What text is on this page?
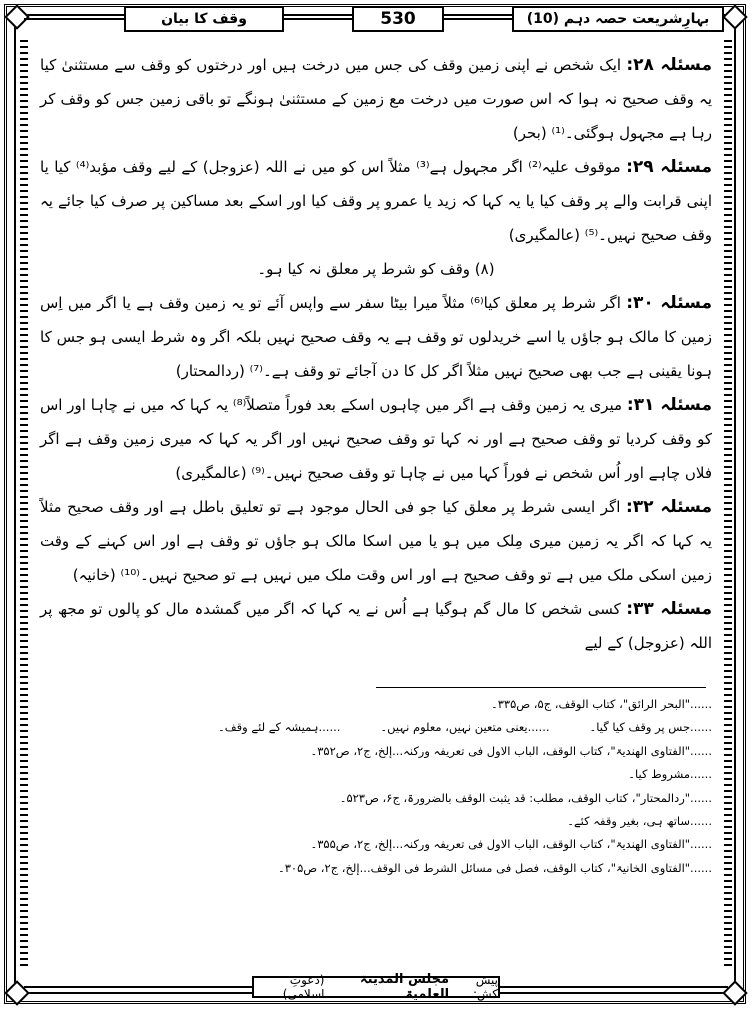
بہارِشریعت حصہ دہم (10)
530
وقف کا بیان

مسئلہ ۲۸: ایک شخص نے اپنی زمین وقف کی جس میں درخت ہیں اور درختوں کو وقف سے مستثنیٰ کیا یہ وقف صحیح نہ ہوا کہ اس صورت میں درخت مع زمین کے مستثنیٰ ہونگے تو باقی زمین جس کو وقف کر رہا ہے مجہول ہوگئی۔⁽¹⁾ (بحر)

مسئلہ ۲۹: موقوف علیہ⁽²⁾ اگر مجہول ہے⁽³⁾ مثلاً اس کو میں نے اللہ (عزوجل) کے لیے وقف مؤبد⁽⁴⁾ کیا یا اپنی قرابت والے پر وقف کیا یا یہ کہا کہ زید یا عمرو پر وقف کیا اور اسکے بعد مساکین پر صرف کیا جائے یہ وقف صحیح نہیں۔⁽⁵⁾ (عالمگیری)

(۸) وقف کو شرط پر معلق نہ کیا ہو۔

مسئلہ ۳۰: اگر شرط پر معلق کیا⁽⁶⁾ مثلاً میرا بیٹا سفر سے واپس آئے تو یہ زمین وقف ہے یا اگر میں اِس زمین کا مالک ہو جاؤں یا اسے خریدلوں تو وقف ہے یہ وقف صحیح نہیں بلکہ اگر وہ شرط ایسی ہو جس کا ہونا یقینی ہے جب بھی صحیح نہیں مثلاً اگر کل کا دن آجائے تو وقف ہے۔⁽⁷⁾ (ردالمحتار)

مسئلہ ۳۱: میری یہ زمین وقف ہے اگر میں چاہوں اسکے بعد فوراً متصلاً⁽⁸⁾ یہ کہا کہ میں نے چاہا اور اس کو وقف کردیا تو وقف صحیح ہے اور نہ کہا تو وقف صحیح نہیں اور اگر یہ کہا کہ میری زمین وقف ہے اگر فلاں چاہے اور اُس شخص نے فوراً کہا میں نے چاہا تو وقف صحیح نہیں۔⁽⁹⁾ (عالمگیری)

مسئلہ ۳۲: اگر ایسی شرط پر معلق کیا جو فی الحال موجود ہے تو تعلیق باطل ہے اور وقف صحیح مثلاً یہ کہا کہ اگر یہ زمین میری مِلک میں ہو یا میں اسکا مالک ہو جاؤں تو وقف ہے اور اس کہنے کے وقت زمین اسکی ملک میں ہے تو وقف صحیح ہے اور اس وقت ملک میں نہیں ہے تو صحیح نہیں۔⁽¹⁰⁾ (خانیہ)

مسئلہ ۳۳: کسی شخص کا مال گم ہوگیا ہے اُس نے یہ کہا کہ اگر میں گمشدہ مال کو پالوں تو مجھ پر اللہ (عزوجل) کے لیے

......"البحر الرائق"، کتاب الوقف، ج۵، ص۳۳۵۔
......جس پر وقف کیا گیا۔
......یعنی متعین نہیں، معلوم نہیں۔
......ہمیشہ کے لئے وقف۔
......"الفتاوی الھندیۃ"، کتاب الوقف، الباب الاول فی تعریفہ ورکنہ...إلخ، ج۲، ص۳۵۲۔
......مشروط کیا۔
......"ردالمحتار"، کتاب الوقف، مطلب: قد یثبت الوقف بالضرورۃ، ج۶، ص۵۲۳۔
......ساتھ ہی، بغیر وقفہ کئے۔
......"الفتاوی الھندیۃ"، کتاب الوقف، الباب الاول فی تعریفہ ورکنہ...إلخ، ج۲، ص۳۵۵۔
......"الفتاوی الخانیۃ"، کتاب الوقف، فصل فی مسائل الشرط فی الوقف...إلخ، ج۲، ص۳۰۵۔
پیش کش:
مجلس المدینۃ العلمیۃ
(دعوتِ اسلامی)
